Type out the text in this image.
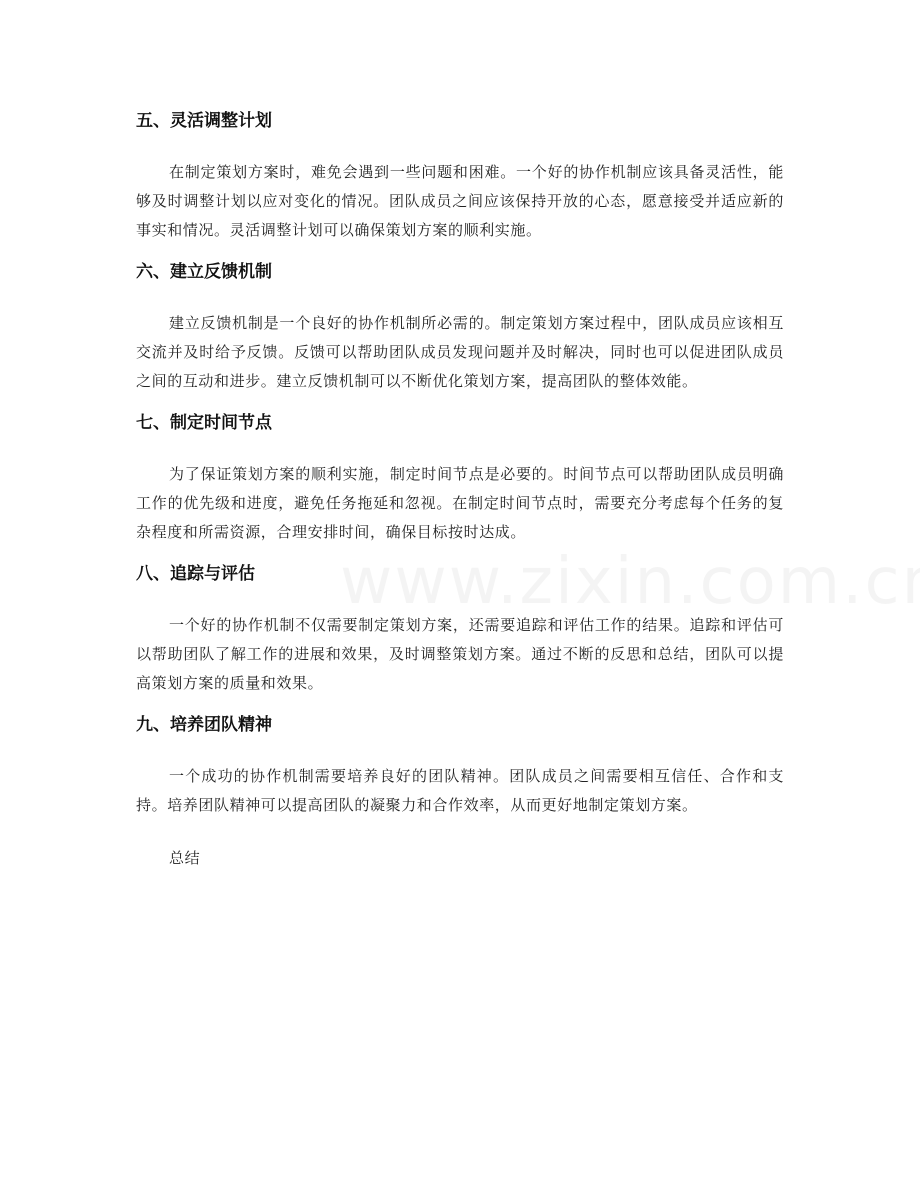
五、灵活调整计划

在制定策划方案时，难免会遇到一些问题和困难。一个好的协作机制应该具备灵活性，能够及时调整计划以应对变化的情况。团队成员之间应该保持开放的心态，愿意接受并适应新的事实和情况。灵活调整计划可以确保策划方案的顺利实施。

六、建立反馈机制

建立反馈机制是一个良好的协作机制所必需的。制定策划方案过程中，团队成员应该相互交流并及时给予反馈。反馈可以帮助团队成员发现问题并及时解决，同时也可以促进团队成员之间的互动和进步。建立反馈机制可以不断优化策划方案，提高团队的整体效能。

七、制定时间节点

为了保证策划方案的顺利实施，制定时间节点是必要的。时间节点可以帮助团队成员明确工作的优先级和进度，避免任务拖延和忽视。在制定时间节点时，需要充分考虑每个任务的复杂程度和所需资源，合理安排时间，确保目标按时达成。

八、追踪与评估

一个好的协作机制不仅需要制定策划方案，还需要追踪和评估工作的结果。追踪和评估可以帮助团队了解工作的进展和效果，及时调整策划方案。通过不断的反思和总结，团队可以提高策划方案的质量和效果。

九、培养团队精神

一个成功的协作机制需要培养良好的团队精神。团队成员之间需要相互信任、合作和支持。培养团队精神可以提高团队的凝聚力和合作效率，从而更好地制定策划方案。

总结
